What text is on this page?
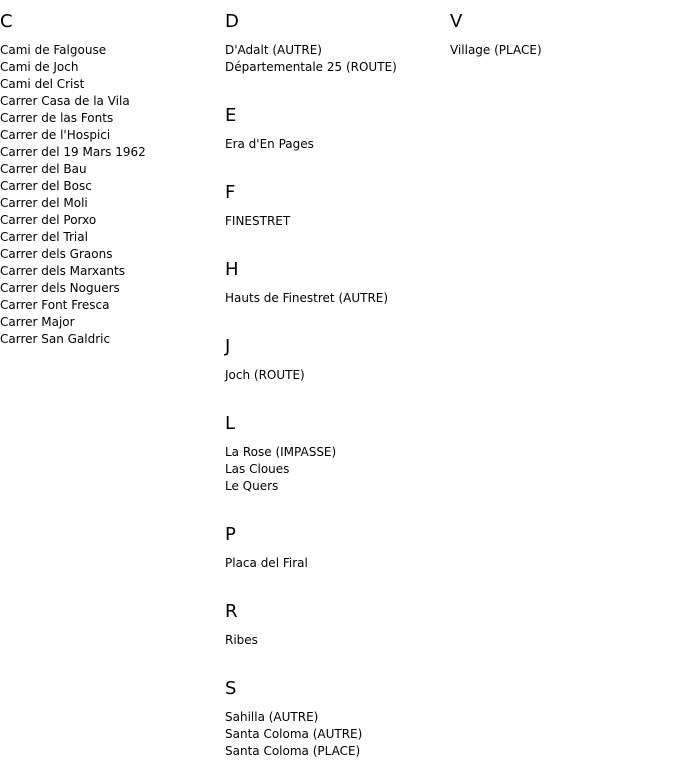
C
Cami de Falgouse
Cami de Joch
Cami del Crist
Carrer Casa de la Vila
Carrer de las Fonts
Carrer de l'Hospici
Carrer del 19 Mars 1962
Carrer del Bau
Carrer del Bosc
Carrer del Moli
Carrer del Porxo
Carrer del Trial
Carrer dels Graons
Carrer dels Marxants
Carrer dels Noguers
Carrer Font Fresca
Carrer Major
Carrer San Galdric
D
D'Adalt (AUTRE)
Départementale 25 (ROUTE)
E
Era d'En Pages
F
FINESTRET
H
Hauts de Finestret (AUTRE)
J
Joch (ROUTE)
L
La Rose (IMPASSE)
Las Cloues
Le Quers
P
Placa del Firal
R
Ribes
S
Sahilla (AUTRE)
Santa Coloma (AUTRE)
Santa Coloma (PLACE)
V
Village (PLACE)
